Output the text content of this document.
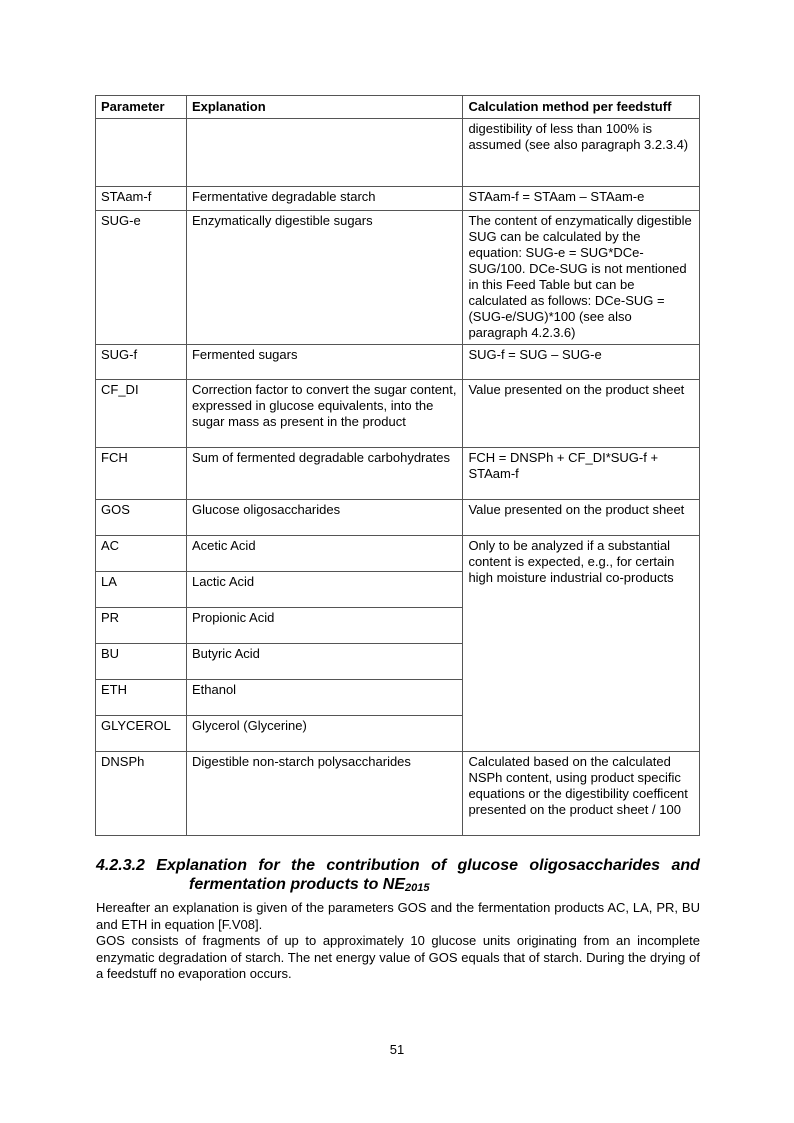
Parameter	Explanation	Calculation method per feedstuff
		digestibility of less than 100% is assumed (see also paragraph 3.2.3.4)
STAam-f	Fermentative degradable starch	STAam-f = STAam – STAam-e
SUG-e	Enzymatically digestible sugars	The content of enzymatically digestible SUG can be calculated by the equation: SUG-e = SUG*DCe-SUG/100. DCe-SUG is not mentioned in this Feed Table but can be calculated as follows: DCe-SUG = (SUG-e/SUG)*100 (see also paragraph 4.2.3.6)
SUG-f	Fermented sugars	SUG-f = SUG – SUG-e
CF_DI	Correction factor to convert the sugar content, expressed in glucose equivalents, into the sugar mass as present in the product	Value presented on the product sheet
FCH	Sum of fermented degradable carbohydrates	FCH = DNSPh + CF_DI*SUG-f + STAam-f
GOS	Glucose oligosaccharides	Value presented on the product sheet
AC	Acetic Acid	Only to be analyzed if a substantial content is expected, e.g., for certain high moisture industrial co-products
LA	Lactic Acid	
PR	Propionic Acid	
BU	Butyric Acid	
ETH	Ethanol	
GLYCEROL	Glycerol (Glycerine)	
DNSPh	Digestible non-starch polysaccharides	Calculated based on the calculated NSPh content, using product specific equations or the digestibility coefficent presented on the product sheet / 100
4.2.3.2 Explanation for the contribution of glucose oligosaccharides and
fermentation products to $NE_{2015}$

Hereafter an explanation is given of the parameters GOS and the fermentation products AC, LA, PR, BU and ETH in equation [F.V08].

GOS consists of fragments of up to approximately 10 glucose units originating from an incomplete enzymatic degradation of starch. The net energy value of GOS equals that of starch. During the drying of a feedstuff no evaporation occurs.

51
